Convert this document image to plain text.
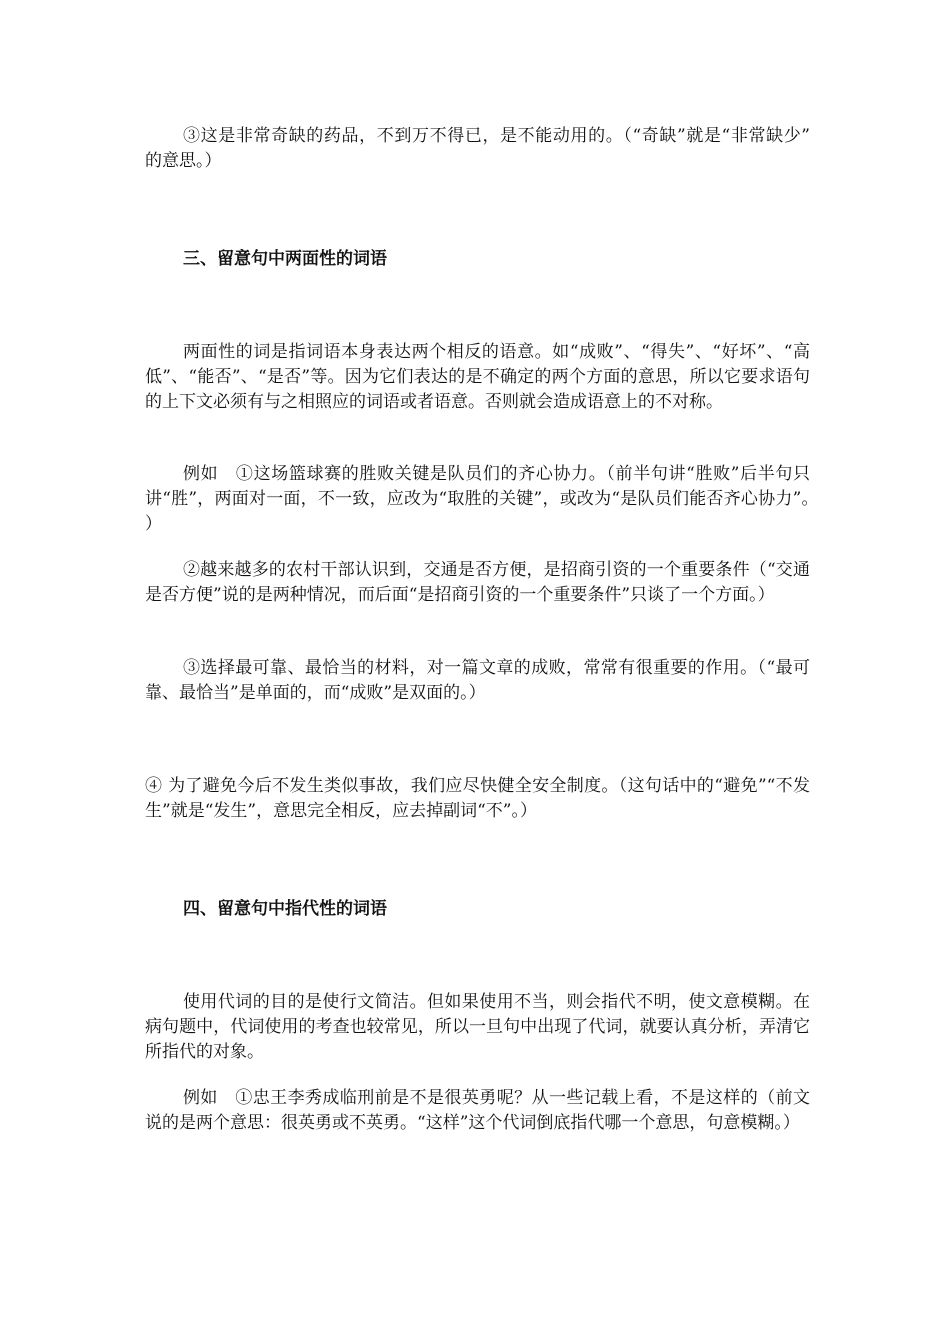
③这是非常奇缺的药品，不到万不得已，是不能动用的。（“奇缺”就是“非常缺少”　 的意思。）

三、留意句中两面性的词语

两面性的词是指词语本身表达两个相反的语意。如“成败”、“得失”、“好坏”、“高低”、“能否”、“是否”等。因为它们表达的是不确定的两个方面的意思，所以它要求语句的上下文必须有与之相照应的词语或者语意。否则就会造成语意上的不对称。

例如　①这场篮球赛的胜败关键是队员们的齐心协力。（前半句讲“胜败”后半句只讲“胜”，两面对一面，不一致，应改为“取胜的关键”，或改为“是队员们能否齐心协力”。　 ）

②越来越多的农村干部认识到，交通是否方便，是招商引资的一个重要条件（“交通是否方便”说的是两种情况，而后面“是招商引资的一个重要条件”只谈了一个方面。）

③选择最可靠、最恰当的材料，对一篇文章的成败，常常有很重要的作用。（“最可靠、最恰当”是单面的，而“成败”是双面的。）

④ 为了避免今后不发生类似事故，我们应尽快健全安全制度。（这句话中的“避免”“不发生”就是“发生”，意思完全相反，应去掉副词“不”。）

四、留意句中指代性的词语

使用代词的目的是使行文简洁。但如果使用不当，则会指代不明，使文意模糊。在病句题中，代词使用的考查也较常见，所以一旦句中出现了代词，就要认真分析，弄清它所指代的对象。

例如　①忠王李秀成临刑前是不是很英勇呢？从一些记载上看，不是这样的（前文说的是两个意思：很英勇或不英勇。“这样”这个代词倒底指代哪一个意思，句意模糊。）
